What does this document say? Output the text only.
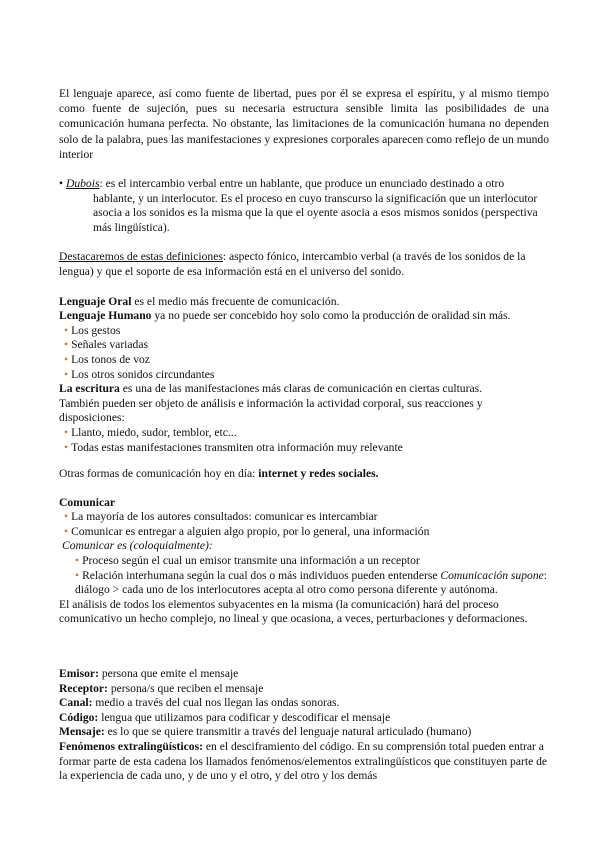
El lenguaje aparece, así como fuente de libertad, pues por él se expresa el espíritu, y al mismo tiempo como fuente de sujeción, pues su necesaria estructura sensible limita las posibilidades de una comunicación humana perfecta. No obstante, las limitaciones de la comunicación humana no dependen solo de la palabra, pues las manifestaciones y expresiones corporales aparecen como reflejo de un mundo interior

• Dubois: es el intercambio verbal entre un hablante, que produce un enunciado destinado a otro
hablante, y un interlocutor. Es el proceso en cuyo transcurso la significación que un interlocutor asocia a los sonidos es la misma que la que el oyente asocia a esos mismos sonidos (perspectiva más lingüística).

Destacaremos de estas definiciones: aspecto fónico, intercambio verbal (a través de los sonidos de la lengua) y que el soporte de esa información está en el universo del sonido.

Lenguaje Oral es el medio más frecuente de comunicación.
Lenguaje Humano ya no puede ser concebido hoy solo como la producción de oralidad sin más.
• Los gestos
• Señales variadas
• Los tonos de voz
• Los otros sonidos circundantes
La escritura es una de las manifestaciones más claras de comunicación en ciertas culturas.
También pueden ser objeto de análisis e información la actividad corporal, sus reacciones y disposiciones:
• Llanto, miedo, sudor, temblor, etc...
• Todas estas manifestaciones transmiten otra información muy relevante

Otras formas de comunicación hoy en día: internet y redes sociales.

Comunicar
• La mayoría de los autores consultados: comunicar es intercambiar
• Comunicar es entregar a alguien algo propio, por lo general, una información
Comunicar es (coloquialmente):
• Proceso según el cual un emisor transmite una información a un receptor
• Relación interhumana según la cual dos o más individuos pueden entenderse Comunicación supone: diálogo > cada uno de los interlocutores acepta al otro como persona diferente y autónoma.
El análisis de todos los elementos subyacentes en la misma (la comunicación) hará del proceso comunicativo un hecho complejo, no lineal y que ocasiona, a veces, perturbaciones y deformaciones.
Emisor: persona que emite el mensaje
Receptor: persona/s que reciben el mensaje
Canal: medio a través del cual nos llegan las ondas sonoras.
Código: lengua que utilizamos para codificar y descodificar el mensaje
Mensaje: es lo que se quiere transmitir a través del lenguaje natural articulado (humano)
Fenómenos extralingüísticos: en el desciframiento del código. En su comprensión total pueden entrar a formar parte de esta cadena los llamados fenómenos/elementos extralingüísticos que constituyen parte de la experiencia de cada uno, y de uno y el otro, y del otro y los demás
